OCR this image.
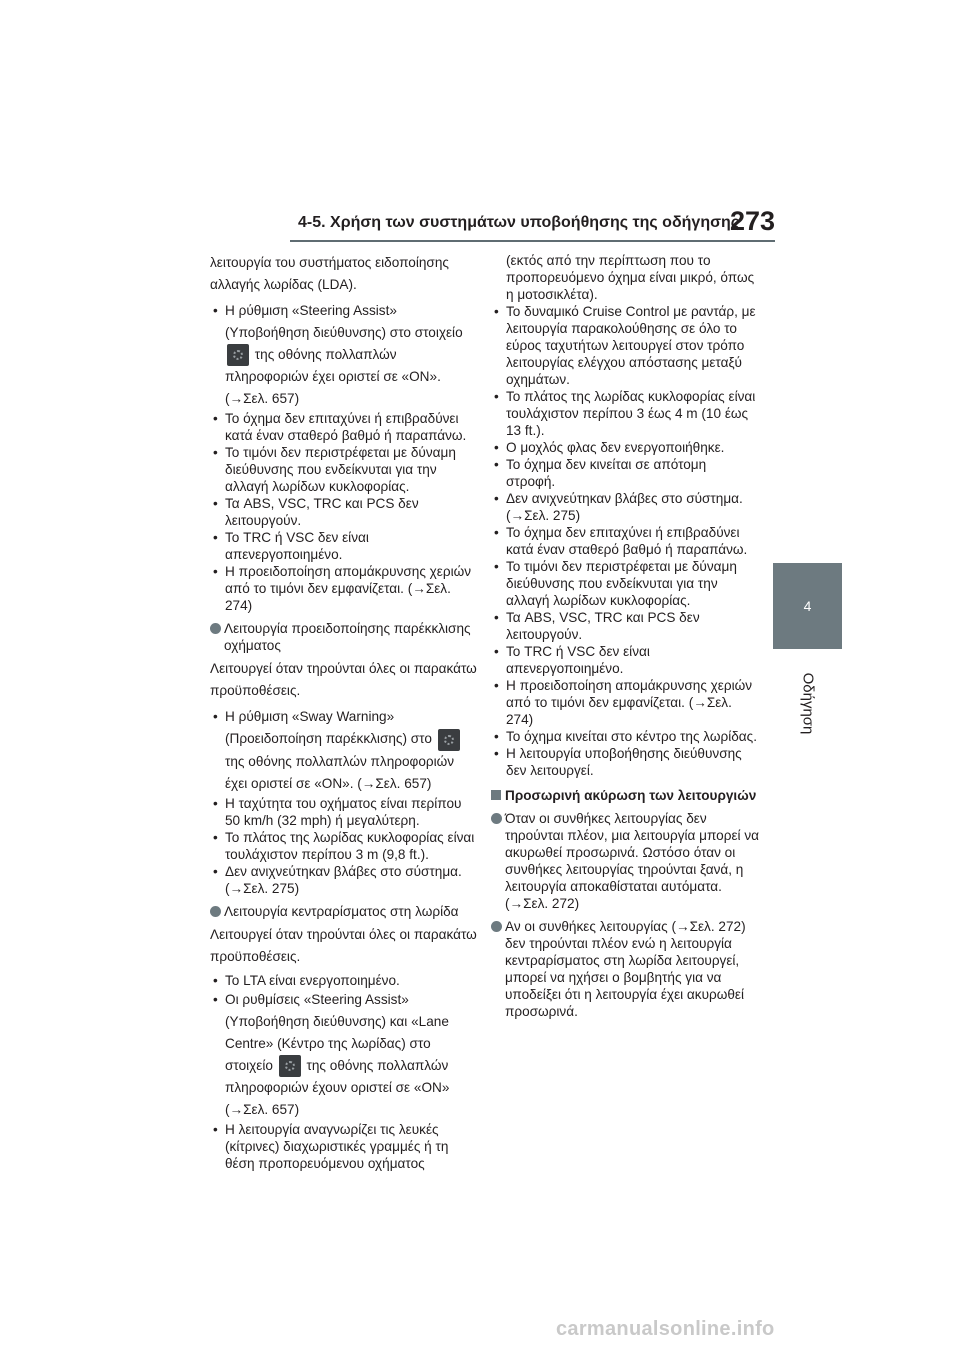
4-5. Χρήση των συστημάτων υποβοήθησης της οδήγησης
273
4
Οδήγηση

λειτουργία του συστήματος ειδοποίησης αλλαγής λωρίδας (LDA).

• Η ρύθμιση «Steering Assist» (Υποβοήθηση διεύθυνσης) στο στοιχείο  της οθόνης πολλαπλών πληροφοριών έχει οριστεί σε «ON». (→Σελ. 657)
• Το όχημα δεν επιταχύνει ή επιβραδύνει κατά έναν σταθερό βαθμό ή παραπάνω.
• Το τιμόνι δεν περιστρέφεται με δύναμη διεύθυνσης που ενδείκνυται για την αλλαγή λωρίδων κυκλοφορίας.
• Τα ABS, VSC, TRC και PCS δεν λειτουργούν.
• Το TRC ή VSC δεν είναι απενεργοποιημένο.
• Η προειδοποίηση απομάκρυνσης χεριών από το τιμόνι δεν εμφανίζεται. (→Σελ. 274)
Λειτουργία προειδοποίησης παρέκκλισης οχήματος

Λειτουργεί όταν τηρούνται όλες οι παρακάτω προϋποθέσεις.

• Η ρύθμιση «Sway Warning» (Προειδοποίηση παρέκκλισης) στο  της οθόνης πολλαπλών πληροφοριών έχει οριστεί σε «ON». (→Σελ. 657)
• Η ταχύτητα του οχήματος είναι περίπου 50 km/h (32 mph) ή μεγαλύτερη.
• Το πλάτος της λωρίδας κυκλοφορίας είναι τουλάχιστον περίπου 3 m (9,8 ft.).
• Δεν ανιχνεύτηκαν βλάβες στο σύστημα. (→Σελ. 275)
Λειτουργία κεντραρίσματος στη λωρίδα

Λειτουργεί όταν τηρούνται όλες οι παρακάτω προϋποθέσεις.

• Το LTA είναι ενεργοποιημένο.
• Οι ρυθμίσεις «Steering Assist» (Υποβοήθηση διεύθυνσης) και «Lane Centre» (Κέντρο της λωρίδας) στο στοιχείο της οθόνης πολλαπλών πληροφοριών έχουν οριστεί σε «ON» (→Σελ. 657)
• Η λειτουργία αναγνωρίζει τις λευκές (κίτρινες) διαχωριστικές γραμμές ή τη θέση προπορευόμενου οχήματος
(εκτός από την περίπτωση που το προπορευόμενο όχημα είναι μικρό, όπως η μοτοσικλέτα).
• Το δυναμικό Cruise Control με ραντάρ, με λειτουργία παρακολούθησης σε όλο το εύρος ταχυτήτων λειτουργεί στον τρόπο λειτουργίας ελέγχου απόστασης μεταξύ οχημάτων.
• Το πλάτος της λωρίδας κυκλοφορίας είναι τουλάχιστον περίπου 3 έως 4 m (10 έως 13 ft.).
• Ο μοχλός φλας δεν ενεργοποιήθηκε.
• Το όχημα δεν κινείται σε απότομη στροφή.
• Δεν ανιχνεύτηκαν βλάβες στο σύστημα. (→Σελ. 275)
• Το όχημα δεν επιταχύνει ή επιβραδύνει κατά έναν σταθερό βαθμό ή παραπάνω.
• Το τιμόνι δεν περιστρέφεται με δύναμη διεύθυνσης που ενδείκνυται για την αλλαγή λωρίδων κυκλοφορίας.
• Τα ABS, VSC, TRC και PCS δεν λειτουργούν.
• Το TRC ή VSC δεν είναι απενεργοποιημένο.
• Η προειδοποίηση απομάκρυνσης χεριών από το τιμόνι δεν εμφανίζεται. (→Σελ. 274)
• Το όχημα κινείται στο κέντρο της λωρίδας.
• Η λειτουργία υποβοήθησης διεύθυνσης δεν λειτουργεί.
Προσωρινή ακύρωση των λειτουργιών
Όταν οι συνθήκες λειτουργίας δεν τηρούνται πλέον, μια λειτουργία μπορεί να ακυρωθεί προσωρινά. Ωστόσο όταν οι συνθήκες λειτουργίας τηρούνται ξανά, η λειτουργία αποκαθίσταται αυτόματα. (→Σελ. 272)
Αν οι συνθήκες λειτουργίας (→Σελ. 272) δεν τηρούνται πλέον ενώ η λειτουργία κεντραρίσματος στη λωρίδα λειτουργεί, μπορεί να ηχήσει ο βομβητής για να υποδείξει ότι η λειτουργία έχει ακυρωθεί προσωρινά.
carmanualsonline.info
